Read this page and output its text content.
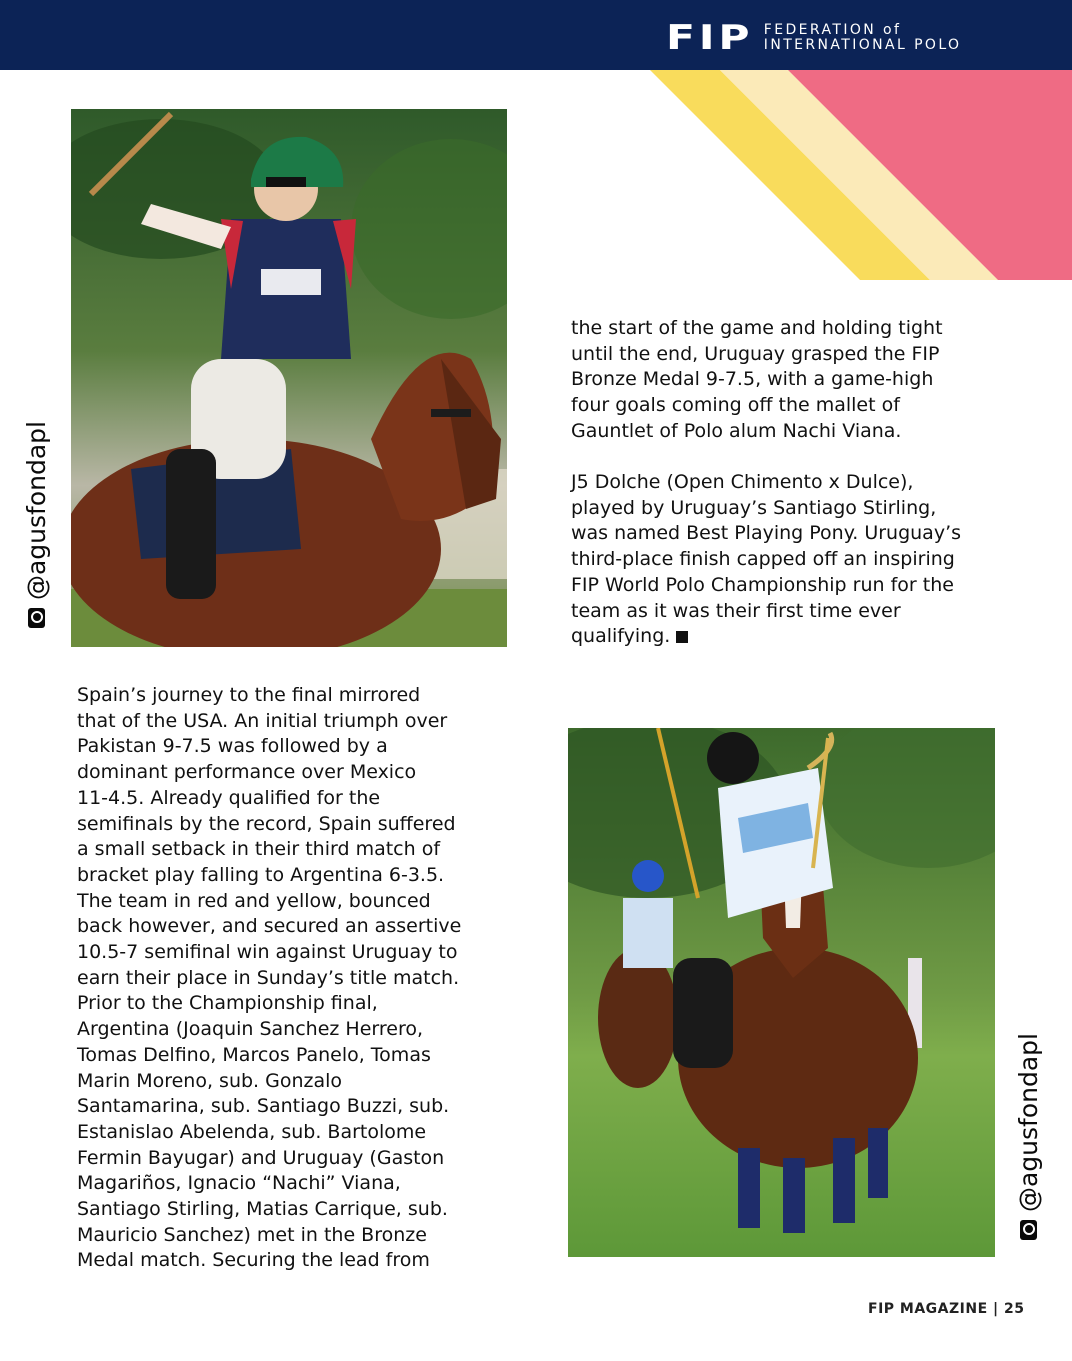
FIP FEDERATION of
INTERNATIONAL POLO
@agusfondapl

the start of the game and holding tight
until the end, Uruguay grasped the FIP
Bronze Medal 9-7.5, with a game-high
four goals coming off the mallet of
Gauntlet of Polo alum Nachi Viana.

J5 Dolche (Open Chimento x Dulce),
played by Uruguay’s Santiago Stirling,
was named Best Playing Pony. Uruguay’s
third-place finish capped off an inspiring
FIP World Polo Championship run for the
team as it was their first time ever
qualifying.

Spain’s journey to the final mirrored
that of the USA. An initial triumph over
Pakistan 9-7.5 was followed by a
dominant performance over Mexico
11-4.5. Already qualified for the
semifinals by the record, Spain suffered
a small setback in their third match of
bracket play falling to Argentina 6-3.5.
The team in red and yellow, bounced
back however, and secured an assertive
10.5-7 semifinal win against Uruguay to
earn their place in Sunday’s title match.
Prior to the Championship final,
Argentina (Joaquin Sanchez Herrero,
Tomas Delfino, Marcos Panelo, Tomas
Marin Moreno, sub. Gonzalo
Santamarina, sub. Santiago Buzzi, sub.
Estanislao Abelenda, sub. Bartolome
Fermin Bayugar) and Uruguay (Gaston
Magariños, Ignacio “Nachi” Viana,
Santiago Stirling, Matias Carrique, sub.
Mauricio Sanchez) met in the Bronze
Medal match. Securing the lead from

@agusfondapl
FIP MAGAZINE | 25
